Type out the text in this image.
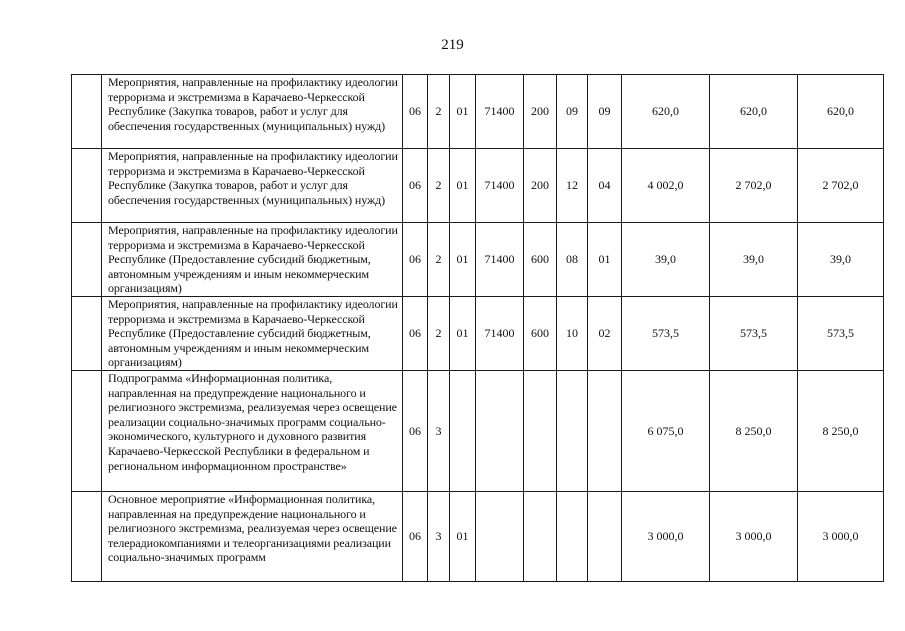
219

	Мероприятия, направленные на профилактику идеологии терроризма и экстремизма в Карачаево-Черкесской Республике (Закупка товаров, работ и услуг для обеспечения государственных (муниципальных) нужд)	06	2	01	71400	200	09	09	620,0	620,0	620,0

	Мероприятия, направленные на профилактику идеологии терроризма и экстремизма в Карачаево-Черкесской Республике (Закупка товаров, работ и услуг для обеспечения государственных (муниципальных) нужд)	06	2	01	71400	200	12	04	4 002,0	2 702,0	2 702,0

	Мероприятия, направленные на профилактику идеологии терроризма и экстремизма в Карачаево-Черкесской Республике (Предоставление субсидий бюджетным, автономным учреждениям и иным некоммерческим организациям)	06	2	01	71400	600	08	01	39,0	39,0	39,0

	Мероприятия, направленные на профилактику идеологии терроризма и экстремизма в Карачаево-Черкесской Республике (Предоставление субсидий бюджетным, автономным учреждениям и иным некоммерческим организациям)	06	2	01	71400	600	10	02	573,5	573,5	573,5

	Подпрограмма «Информационная политика, направленная на предупреждение национального и религиозного экстремизма, реализуемая через освещение реализации социально-значимых программ социально-экономического, культурного и духовного развития Карачаево-Черкесской Республики в федеральном и региональном информационном пространстве»	06	3						6 075,0	8 250,0	8 250,0

	Основное мероприятие «Информационная политика, направленная на предупреждение национального и религиозного экстремизма, реализуемая через освещение телерадиокомпаниями и телеорганизациями реализации социально-значимых программ	06	3	01					3 000,0	3 000,0	3 000,0
